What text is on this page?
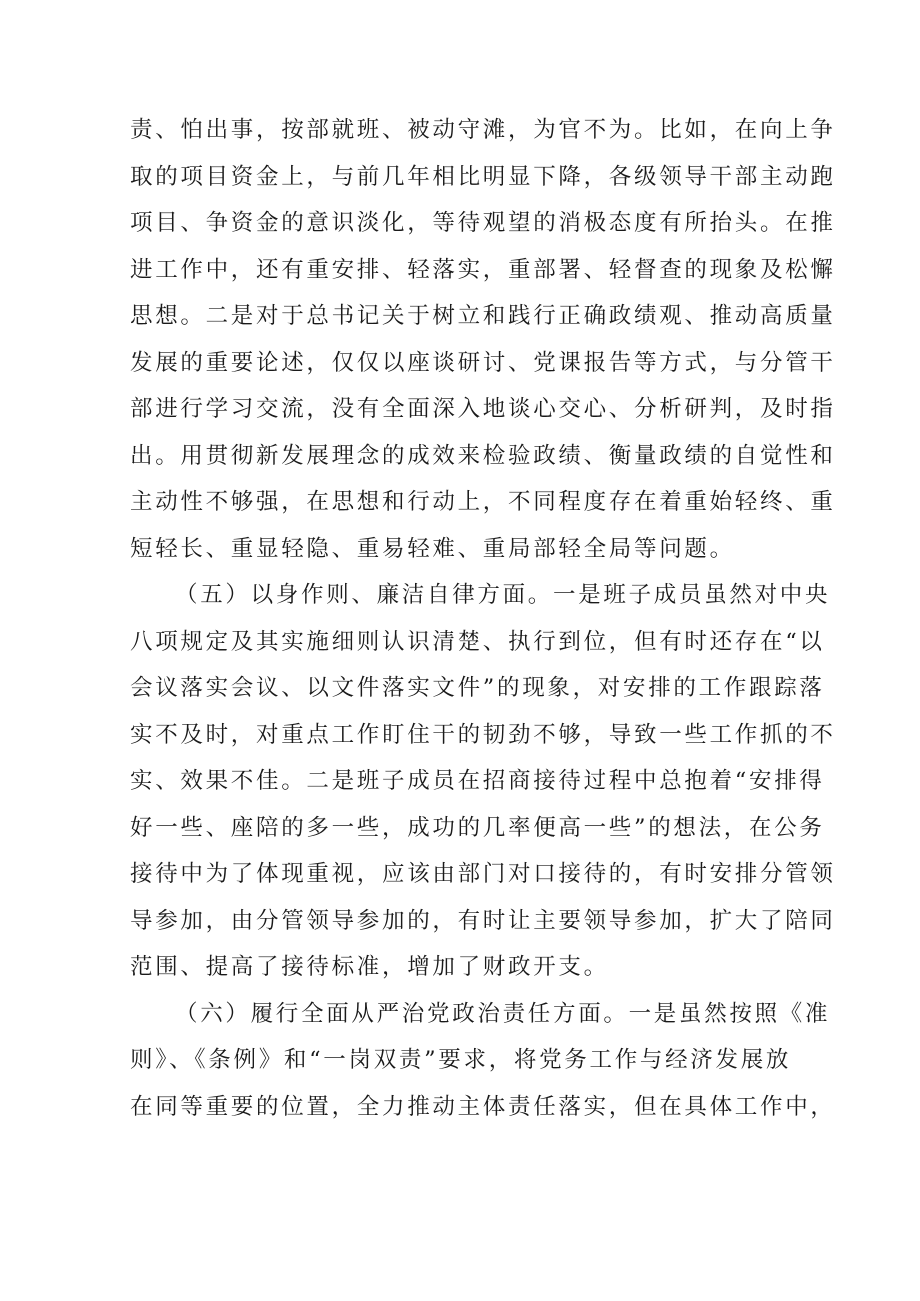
责、怕出事，按部就班、被动守滩，为官不为。比如，在向上争
取的项目资金上，与前几年相比明显下降，各级领导干部主动跑
项目、争资金的意识淡化，等待观望的消极态度有所抬头。在推
进工作中，还有重安排、轻落实，重部署、轻督查的现象及松懈
思想。二是对于总书记关于树立和践行正确政绩观、推动高质量
发展的重要论述，仅仅以座谈研讨、党课报告等方式，与分管干
部进行学习交流，没有全面深入地谈心交心、分析研判，及时指
出。用贯彻新发展理念的成效来检验政绩、衡量政绩的自觉性和
主动性不够强，在思想和行动上，不同程度存在着重始轻终、重
短轻长、重显轻隐、重易轻难、重局部轻全局等问题。
（五）以身作则、廉洁自律方面。一是班子成员虽然对中央
八项规定及其实施细则认识清楚、执行到位，但有时还存在“以
会议落实会议、以文件落实文件”的现象，对安排的工作跟踪落
实不及时，对重点工作盯住干的韧劲不够，导致一些工作抓的不
实、效果不佳。二是班子成员在招商接待过程中总抱着“安排得
好一些、座陪的多一些，成功的几率便高一些”的想法，在公务
接待中为了体现重视，应该由部门对口接待的，有时安排分管领
导参加，由分管领导参加的，有时让主要领导参加，扩大了陪同
范围、提高了接待标准，增加了财政开支。
（六）履行全面从严治党政治责任方面。一是虽然按照《准
则》、《条例》和“一岗双责”要求，将党务工作与经济发展放
在同等重要的位置，全力推动主体责任落实，但在具体工作中，
